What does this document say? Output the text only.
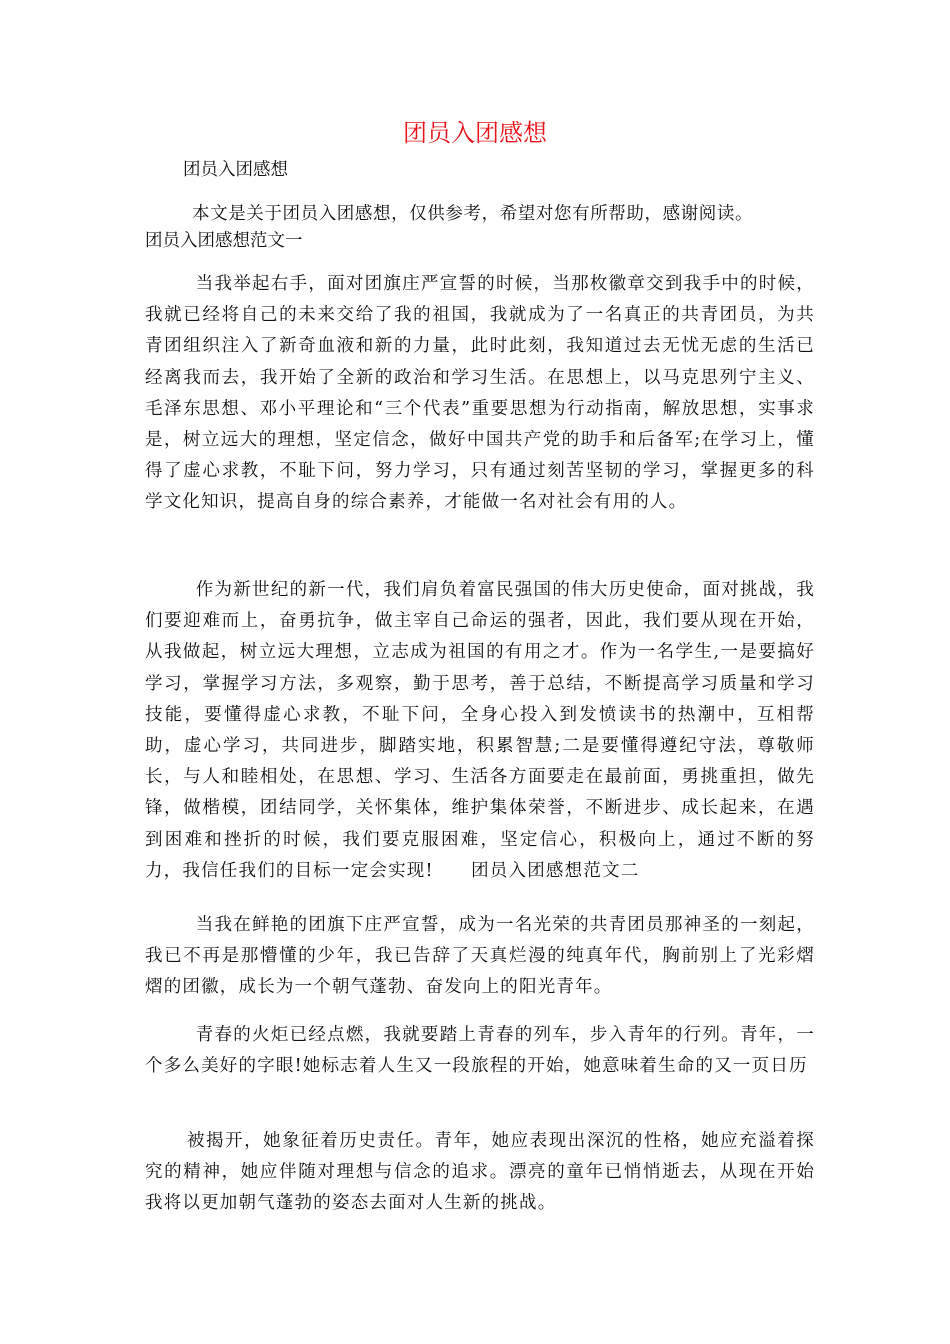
团员入团感想

团员入团感想

本文是关于团员入团感想，仅供参考，希望对您有所帮助，感谢阅读。

团员入团感想范文一

当我举起右手，面对团旗庄严宣誓的时候，当那枚徽章交到我手中的时候，我就已经将自己的未来交给了我的祖国，我就成为了一名真正的共青团员，为共青团组织注入了新奇血液和新的力量，此时此刻，我知道过去无忧无虑的生活已经离我而去，我开始了全新的政治和学习生活。在思想上，以马克思列宁主义、毛泽东思想、邓小平理论和“三个代表”重要思想为行动指南，解放思想，实事求是，树立远大的理想，坚定信念，做好中国共产党的助手和后备军;在学习上，懂得了虚心求教，不耻下问，努力学习，只有通过刻苦坚韧的学习，掌握更多的科学文化知识，提高自身的综合素养，才能做一名对社会有用的人。

作为新世纪的新一代，我们肩负着富民强国的伟大历史使命，面对挑战，我们要迎难而上，奋勇抗争，做主宰自己命运的强者，因此，我们要从现在开始，从我做起，树立远大理想，立志成为祖国的有用之才。作为一名学生,一是要搞好学习，掌握学习方法，多观察，勤于思考，善于总结，不断提高学习质量和学习技能，要懂得虚心求教，不耻下问，全身心投入到发愤读书的热潮中，互相帮助，虚心学习，共同进步，脚踏实地，积累智慧;二是要懂得遵纪守法，尊敬师长，与人和睦相处，在思想、学习、生活各方面要走在最前面，勇挑重担，做先锋，做楷模，团结同学，关怀集体，维护集体荣誉，不断进步、成长起来，在遇到困难和挫折的时候，我们要克服困难，坚定信心，积极向上，通过不断的努力，我信任我们的目标一定会实现!　　团员入团感想范文二

当我在鲜艳的团旗下庄严宣誓，成为一名光荣的共青团员那神圣的一刻起，我已不再是那懵懂的少年，我已告辞了天真烂漫的纯真年代，胸前别上了光彩熠熠的团徽，成长为一个朝气蓬勃、奋发向上的阳光青年。

青春的火炬已经点燃，我就要踏上青春的列车，步入青年的行列。青年，一个多么美好的字眼!她标志着人生又一段旅程的开始，她意味着生命的又一页日历

被揭开，她象征着历史责任。青年，她应表现出深沉的性格，她应充溢着探究的精神，她应伴随对理想与信念的追求。漂亮的童年已悄悄逝去，从现在开始我将以更加朝气蓬勃的姿态去面对人生新的挑战。
